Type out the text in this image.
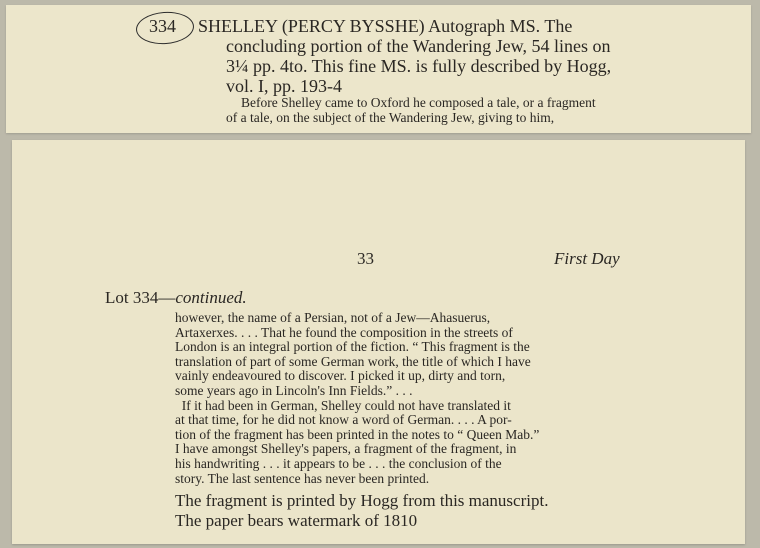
334 SHELLEY (PERCY BYSSHE) Autograph MS. The
concluding portion of the Wandering Jew, 54 lines on
3¼ pp. 4to. This fine MS. is fully described by Hogg,
vol. I, pp. 193-4
Before Shelley came to Oxford he composed a tale, or a fragment
of a tale, on the subject of the Wandering Jew, giving to him,
33	First Day
Lot 334—continued.
however, the name of a Persian, not of a Jew—Ahasuerus,
Artaxerxes. . . . That he found the composition in the streets of
London is an integral portion of the fiction. “ This fragment is the
translation of part of some German work, the title of which I have
vainly endeavoured to discover. I picked it up, dirty and torn,
some years ago in Lincoln's Inn Fields.” . . .
If it had been in German, Shelley could not have translated it
at that time, for he did not know a word of German. . . . A por-
tion of the fragment has been printed in the notes to “ Queen Mab.”
I have amongst Shelley's papers, a fragment of the fragment, in
his handwriting . . . it appears to be . . . the conclusion of the
story. The last sentence has never been printed.
The fragment is printed by Hogg from this manuscript.
The paper bears watermark of 1810
